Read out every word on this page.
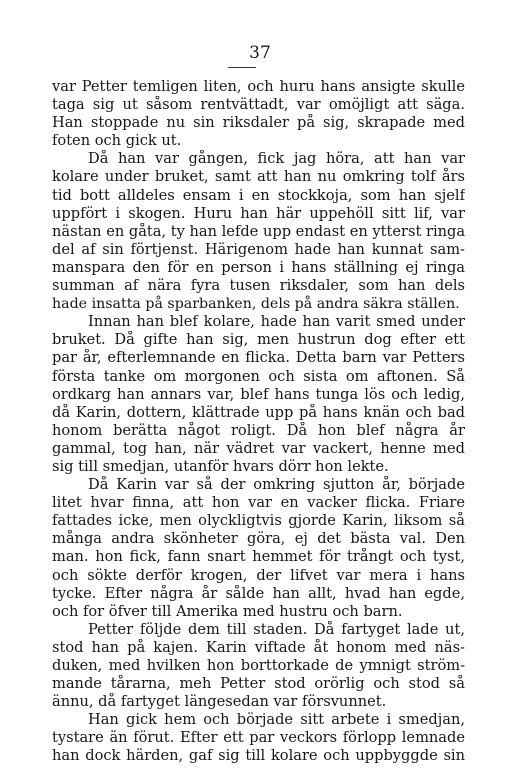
37
var Petter temligen liten, och huru hans ansigte skulle
taga sig ut såsom rentvättadt, var omöjligt att säga.
Han stoppade nu sin riksdaler på sig, skrapade med
foten och gick ut.
Då han var gången, fick jag höra, att han var
kolare under bruket, samt att han nu omkring tolf års
tid bott alldeles ensam i en stockkoja, som han sjelf
uppfört i skogen. Huru han här uppehöll sitt lif, var
nästan en gåta, ty han lefde upp endast en ytterst ringa
del af sin förtjenst. Härigenom hade han kunnat sam-
manspara den för en person i hans ställning ej ringa
summan af nära fyra tusen riksdaler, som han dels
hade insatta på sparbanken, dels på andra säkra ställen.
Innan han blef kolare, hade han varit smed under
bruket. Då gifte han sig, men hustrun dog efter ett
par år, efterlemnande en flicka. Detta barn var Petters
första tanke om morgonen och sista om aftonen. Så
ordkarg han annars var, blef hans tunga lös och ledig,
då Karin, dottern, klättrade upp på hans knän och bad
honom berätta något roligt. Då hon blef några år
gammal, tog han, när vädret var vackert, henne med
sig till smedjan, utanför hvars dörr hon lekte.
Då Karin var så der omkring sjutton år, började
litet hvar finna, att hon var en vacker flicka. Friare
fattades icke, men olyckligtvis gjorde Karin, liksom så
många andra skönheter göra, ej det bästa val. Den
man. hon fick, fann snart hemmet för trångt och tyst,
och sökte derför krogen, der lifvet var mera i hans
tycke. Efter några år sålde han allt, hvad han egde,
och for öfver till Amerika med hustru och barn.
Petter följde dem till staden. Då fartyget lade ut,
stod han på kajen. Karin viftade åt honom med näs-
duken, med hvilken hon borttorkade de ymnigt ström-
mande tårarna, meh Petter stod orörlig och stod så
ännu, då fartyget längesedan var försvunnet.
Han gick hem och började sitt arbete i smedjan,
tystare än förut. Efter ett par veckors förlopp lemnade
han dock härden, gaf sig till kolare och uppbyggde sin
